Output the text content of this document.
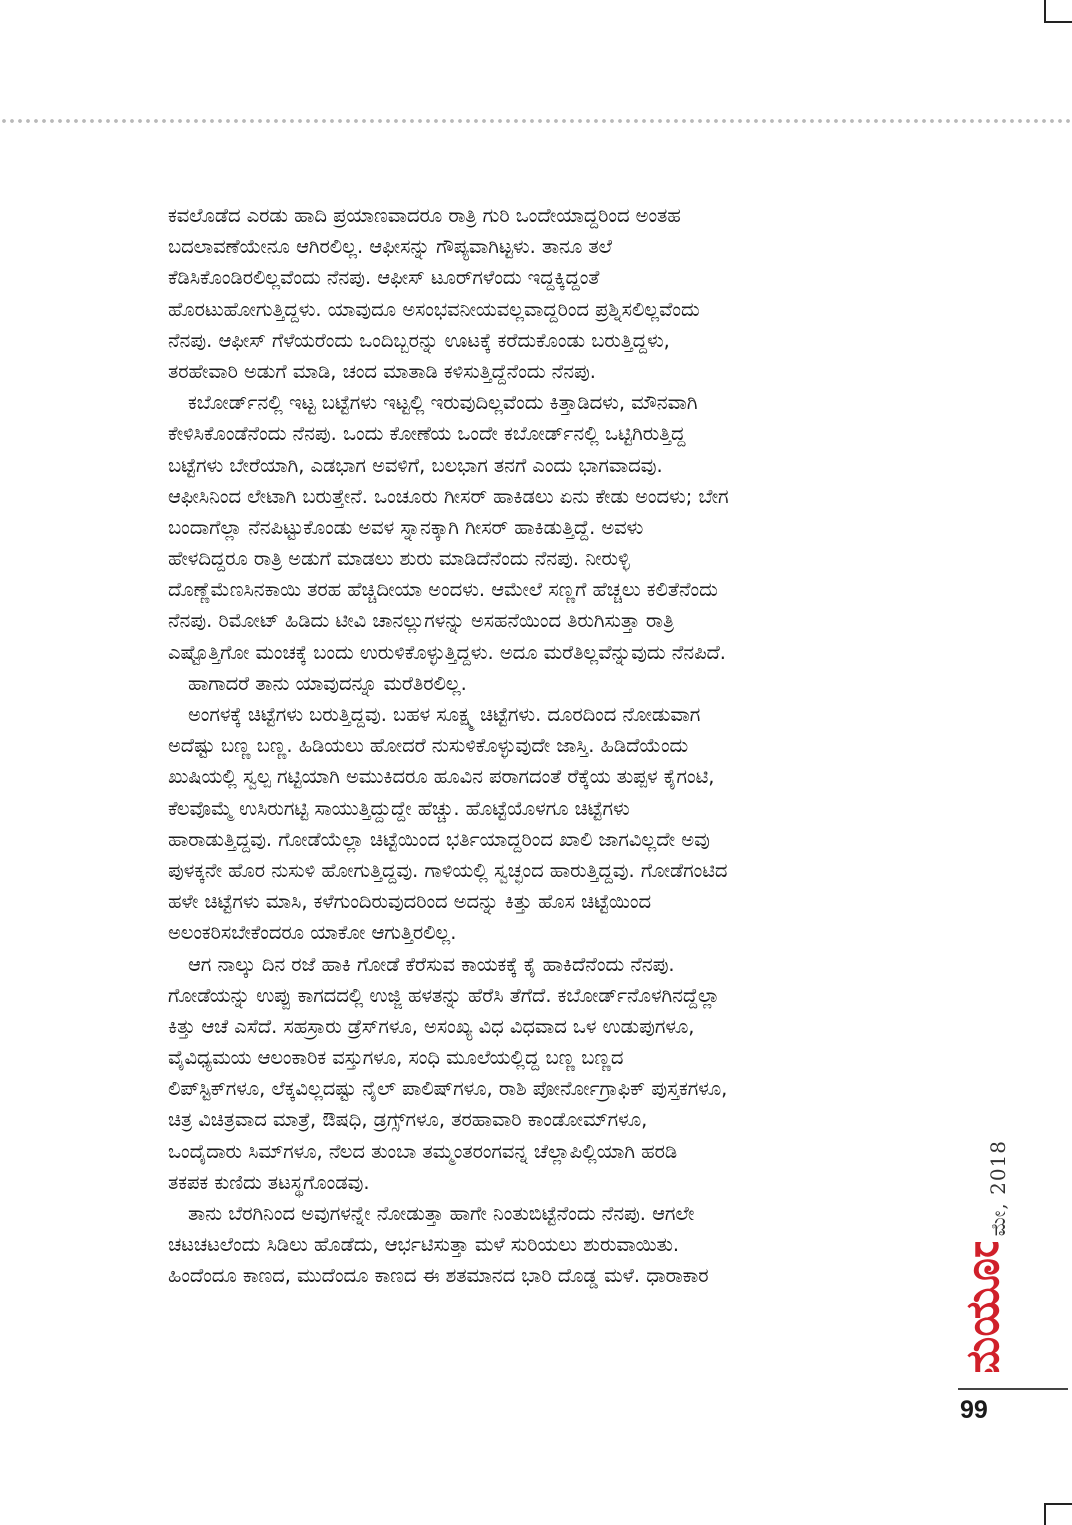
ಕವಲೊಡೆದ ಎರಡು ಹಾದಿ ಪ್ರಯಾಣವಾದರೂ ರಾತ್ರಿ ಗುರಿ ಒಂದೇಯಾದ್ದರಿಂದ ಅಂತಹ
ಬದಲಾವಣೆಯೇನೂ ಆಗಿರಲಿಲ್ಲ. ಆಫೀಸನ್ನು ಗೌಪ್ಯವಾಗಿಟ್ಟಳು. ತಾನೂ ತಲೆ
ಕೆಡಿಸಿಕೊಂಡಿರಲಿಲ್ಲವೆಂದು ನೆನಪು. ಆಫೀಸ್ ಟೂರ್‌ಗಳೆಂದು ಇದ್ದಕ್ಕಿದ್ದಂತೆ
ಹೊರಟುಹೋಗುತ್ತಿದ್ದಳು. ಯಾವುದೂ ಅಸಂಭವನೀಯವಲ್ಲವಾದ್ದರಿಂದ ಪ್ರಶ್ನಿಸಲಿಲ್ಲವೆಂದು
ನೆನಪು. ಆಫೀಸ್ ಗೆಳೆಯರೆಂದು ಒಂದಿಬ್ಬರನ್ನು ಊಟಕ್ಕೆ ಕರೆದುಕೊಂಡು ಬರುತ್ತಿದ್ದಳು,
ತರಹೇವಾರಿ ಅಡುಗೆ ಮಾಡಿ, ಚಂದ ಮಾತಾಡಿ ಕಳಿಸುತ್ತಿದ್ದೆನೆಂದು ನೆನಪು.
ಕಬೋರ್ಡ್‌ನಲ್ಲಿ ಇಟ್ಟ ಬಟ್ಟೆಗಳು ಇಟ್ಟಲ್ಲಿ ಇರುವುದಿಲ್ಲವೆಂದು ಕಿತ್ತಾಡಿದಳು, ಮೌನವಾಗಿ
ಕೇಳಿಸಿಕೊಂಡೆನೆಂದು ನೆನಪು. ಒಂದು ಕೋಣೆಯ ಒಂದೇ ಕಬೋರ್ಡ್‌ನಲ್ಲಿ ಒಟ್ಟಿಗಿರುತ್ತಿದ್ದ
ಬಟ್ಟೆಗಳು ಬೇರೆಯಾಗಿ, ಎಡಭಾಗ ಅವಳಿಗೆ, ಬಲಭಾಗ ತನಗೆ ಎಂದು ಭಾಗವಾದವು.
ಆಫೀಸಿನಿಂದ ಲೇಟಾಗಿ ಬರುತ್ತೇನೆ. ಒಂಚೂರು ಗೀಸರ್ ಹಾಕಿಡಲು ಏನು ಕೇಡು ಅಂದಳು; ಬೇಗ
ಬಂದಾಗೆಲ್ಲಾ ನೆನಪಿಟ್ಟುಕೊಂಡು ಅವಳ ಸ್ನಾನಕ್ಕಾಗಿ ಗೀಸರ್ ಹಾಕಿಡುತ್ತಿದ್ದೆ. ಅವಳು
ಹೇಳದಿದ್ದರೂ ರಾತ್ರಿ ಅಡುಗೆ ಮಾಡಲು ಶುರು ಮಾಡಿದೆನೆಂದು ನೆನಪು. ನೀರುಳ್ಳಿ
ದೊಣ್ಣೆಮೆಣಸಿನಕಾಯಿ ತರಹ ಹೆಚ್ಚಿದೀಯಾ ಅಂದಳು. ಆಮೇಲೆ ಸಣ್ಣಗೆ ಹೆಚ್ಚಲು ಕಲಿತೆನೆಂದು
ನೆನಪು. ರಿಮೋಟ್ ಹಿಡಿದು ಟೀವಿ ಚಾನಲ್ಲುಗಳನ್ನು ಅಸಹನೆಯಿಂದ ತಿರುಗಿಸುತ್ತಾ ರಾತ್ರಿ
ಎಷ್ಟೊತ್ತಿಗೋ ಮಂಚಕ್ಕೆ ಬಂದು ಉರುಳಿಕೊಳ್ಳುತ್ತಿದ್ದಳು. ಅದೂ ಮರೆತಿಲ್ಲವೆನ್ನುವುದು ನೆನಪಿದೆ.
ಹಾಗಾದರೆ ತಾನು ಯಾವುದನ್ನೂ ಮರೆತಿರಲಿಲ್ಲ.
ಅಂಗಳಕ್ಕೆ ಚಿಟ್ಟೆಗಳು ಬರುತ್ತಿದ್ದವು. ಬಹಳ ಸೂಕ್ಷ್ಮ ಚಿಟ್ಟೆಗಳು. ದೂರದಿಂದ ನೋಡುವಾಗ
ಅದೆಷ್ಟು ಬಣ್ಣ ಬಣ್ಣ. ಹಿಡಿಯಲು ಹೋದರೆ ನುಸುಳಿಕೊಳ್ಳುವುದೇ ಜಾಸ್ತಿ. ಹಿಡಿದೆಯೆಂದು
ಖುಷಿಯಲ್ಲಿ ಸ್ವಲ್ಪ ಗಟ್ಟಿಯಾಗಿ ಅಮುಕಿದರೂ ಹೂವಿನ ಪರಾಗದಂತೆ ರೆಕ್ಕೆಯ ತುಪ್ಪಳ ಕೈಗಂಟಿ,
ಕೆಲವೊಮ್ಮೆ ಉಸಿರುಗಟ್ಟಿ ಸಾಯುತ್ತಿದ್ದುದ್ದೇ ಹೆಚ್ಚು. ಹೊಟ್ಟೆಯೊಳಗೂ ಚಿಟ್ಟೆಗಳು
ಹಾರಾಡುತ್ತಿದ್ದವು. ಗೋಡೆಯೆಲ್ಲಾ ಚಿಟ್ಟೆಯಿಂದ ಭರ್ತಿಯಾದ್ದರಿಂದ ಖಾಲಿ ಜಾಗವಿಲ್ಲದೇ ಅವು
ಪುಳಕ್ಕನೇ ಹೊರ ನುಸುಳಿ ಹೋಗುತ್ತಿದ್ದವು. ಗಾಳಿಯಲ್ಲಿ ಸ್ವಚ್ಛಂದ ಹಾರುತ್ತಿದ್ದವು. ಗೋಡೆಗಂಟಿದ
ಹಳೇ ಚಿಟ್ಟೆಗಳು ಮಾಸಿ, ಕಳೆಗುಂದಿರುವುದರಿಂದ ಅದನ್ನು ಕಿತ್ತು ಹೊಸ ಚಿಟ್ಟೆಯಿಂದ
ಅಲಂಕರಿಸಬೇಕೆಂದರೂ ಯಾಕೋ ಆಗುತ್ತಿರಲಿಲ್ಲ.
ಆಗ ನಾಲ್ಕು ದಿನ ರಜೆ ಹಾಕಿ ಗೋಡೆ ಕೆರೆಸುವ ಕಾಯಕಕ್ಕೆ ಕೈ ಹಾಕಿದೆನೆಂದು ನೆನಪು.
ಗೋಡೆಯನ್ನು ಉಪ್ಪು ಕಾಗದದಲ್ಲಿ ಉಜ್ಜಿ ಹಳತನ್ನು ಹೆರೆಸಿ ತೆಗೆದೆ. ಕಬೋರ್ಡ್‌ನೊಳಗಿನದ್ದೆಲ್ಲಾ
ಕಿತ್ತು ಆಚೆ ಎಸೆದೆ. ಸಹಸ್ರಾರು ಡ್ರೆಸ್‌ಗಳೂ, ಅಸಂಖ್ಯ ವಿಧ ವಿಧವಾದ ಒಳ ಉಡುಪುಗಳೂ,
ವೈವಿಧ್ಯಮಯ ಆಲಂಕಾರಿಕ ವಸ್ತುಗಳೂ, ಸಂಧಿ ಮೂಲೆಯಲ್ಲಿದ್ದ ಬಣ್ಣ ಬಣ್ಣದ
ಲಿಪ್‌ಸ್ಟಿಕ್‌ಗಳೂ, ಲೆಕ್ಕವಿಲ್ಲದಷ್ಟು ನೈಲ್ ಪಾಲಿಷ್‌ಗಳೂ, ರಾಶಿ ಪೋರ್ನೋಗ್ರಾಫಿಕ್ ಪುಸ್ತಕಗಳೂ,
ಚಿತ್ರ ವಿಚಿತ್ರವಾದ ಮಾತ್ರೆ, ಔಷಧಿ, ಡ್ರಗ್ಸ್‌ಗಳೂ, ತರಹಾವಾರಿ ಕಾಂಡೋಮ್‌ಗಳೂ,
ಒಂದೈದಾರು ಸಿಮ್‌ಗಳೂ, ನೆಲದ ತುಂಬಾ ತಮ್ಮಂತರಂಗವನ್ನ ಚೆಲ್ಲಾಪಿಲ್ಲಿಯಾಗಿ ಹರಡಿ
ತಕಪಕ ಕುಣಿದು ತಟಸ್ಥಗೊಂಡವು.
ತಾನು ಬೆರಗಿನಿಂದ ಅವುಗಳನ್ನೇ ನೋಡುತ್ತಾ ಹಾಗೇ ನಿಂತುಬಿಟ್ಟೆನೆಂದು ನೆನಪು. ಆಗಲೇ
ಚಟಚಟಲೆಂದು ಸಿಡಿಲು ಹೊಡೆದು, ಆರ್ಭಟಿಸುತ್ತಾ ಮಳೆ ಸುರಿಯಲು ಶುರುವಾಯಿತು.
ಹಿಂದೆಂದೂ ಕಾಣದ, ಮುದೆಂದೂ ಕಾಣದ ಈ ಶತಮಾನದ ಭಾರಿ ದೊಡ್ಡ ಮಳೆ. ಧಾರಾಕಾರ
ಮೇ, 2018
ಮಯೂರ
99
